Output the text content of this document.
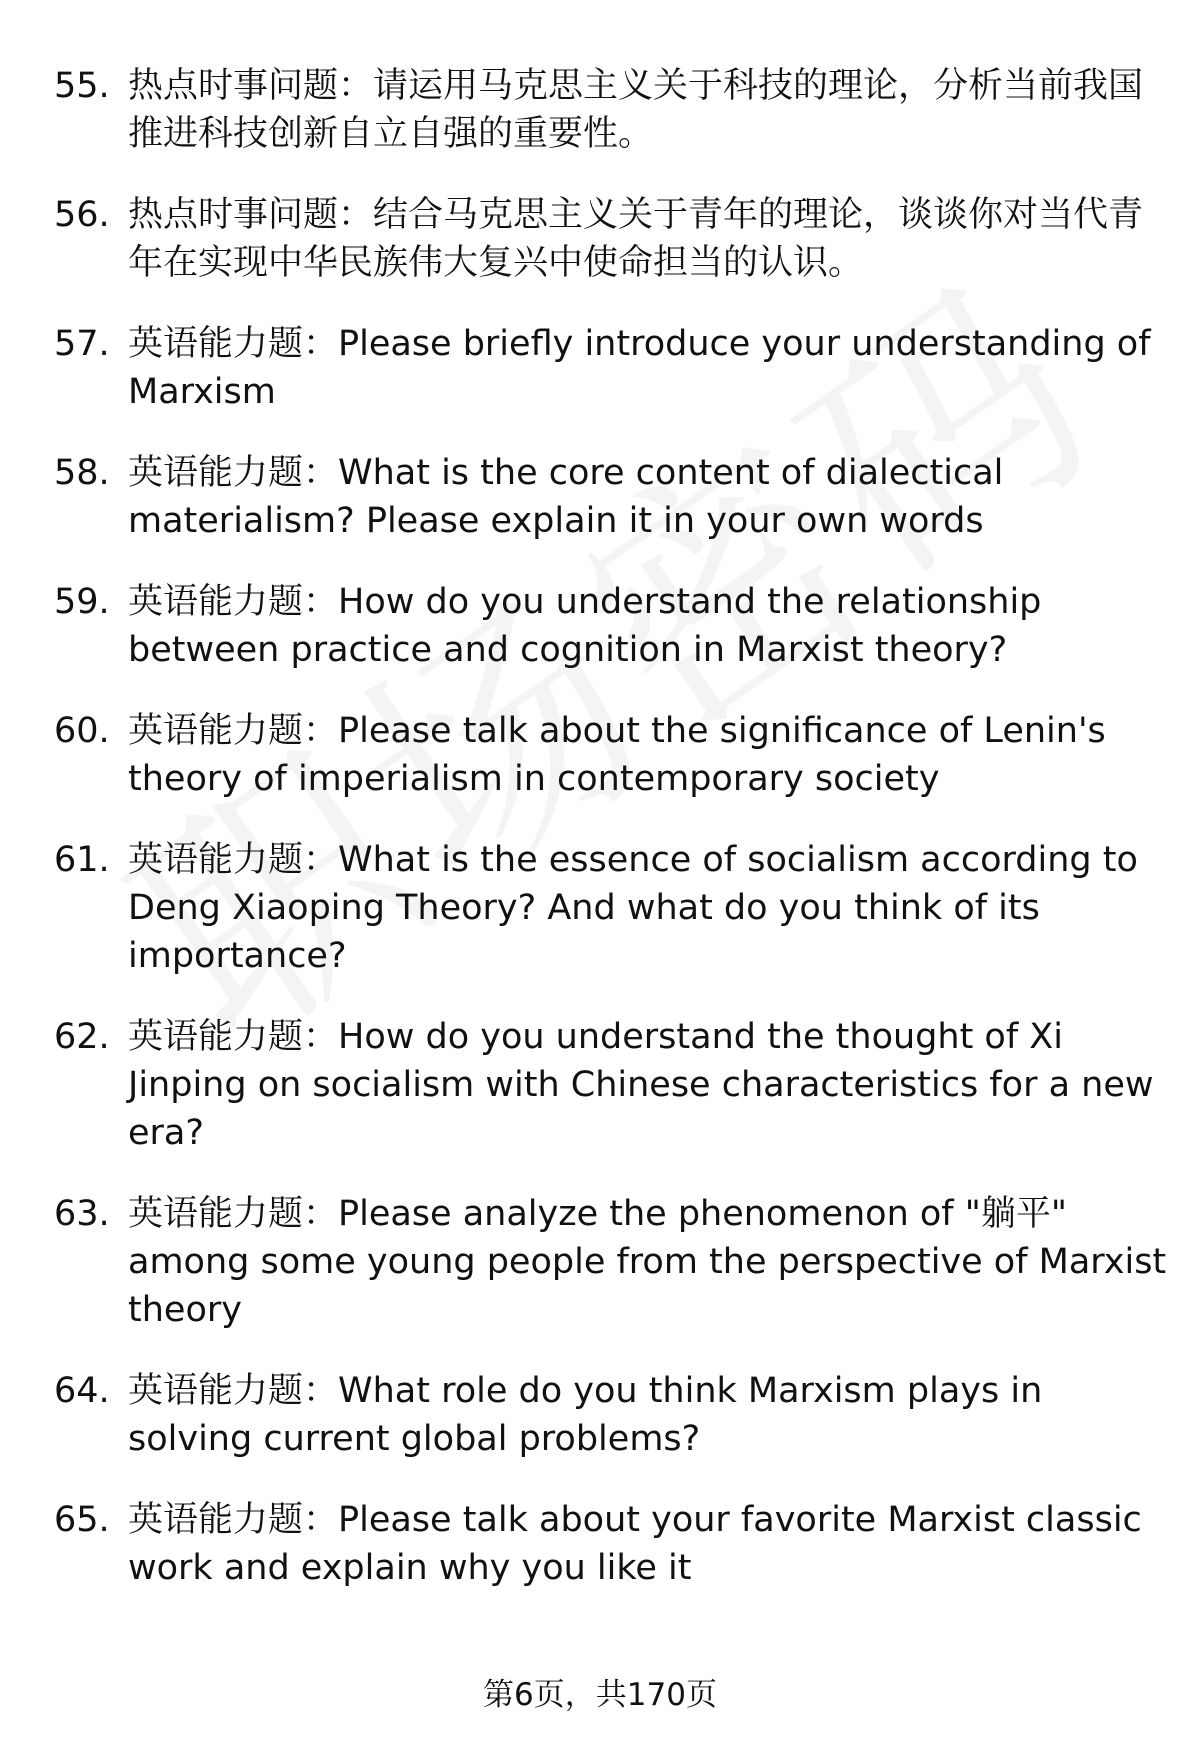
55. 热点时事问题：请运用马克思主义关于科技的理论，分析当前我国推进科技创新自立自强的重要性。
56. 热点时事问题：结合马克思主义关于青年的理论，谈谈你对当代青年在实现中华民族伟大复兴中使命担当的认识。
57. 英语能力题：Please briefly introduce your understanding of Marxism
58. 英语能力题：What is the core content of dialectical materialism? Please explain it in your own words
59. 英语能力题：How do you understand the relationship between practice and cognition in Marxist theory?
60. 英语能力题：Please talk about the significance of Lenin's theory of imperialism in contemporary society
61. 英语能力题：What is the essence of socialism according to Deng Xiaoping Theory? And what do you think of its importance?
62. 英语能力题：How do you understand the thought of Xi Jinping on socialism with Chinese characteristics for a new era?
63. 英语能力题：Please analyze the phenomenon of "躺平" among some young people from the perspective of Marxist theory
64. 英语能力题：What role do you think Marxism plays in solving current global problems?
65. 英语能力题：Please talk about your favorite Marxist classic work and explain why you like it
第6页，共170页
